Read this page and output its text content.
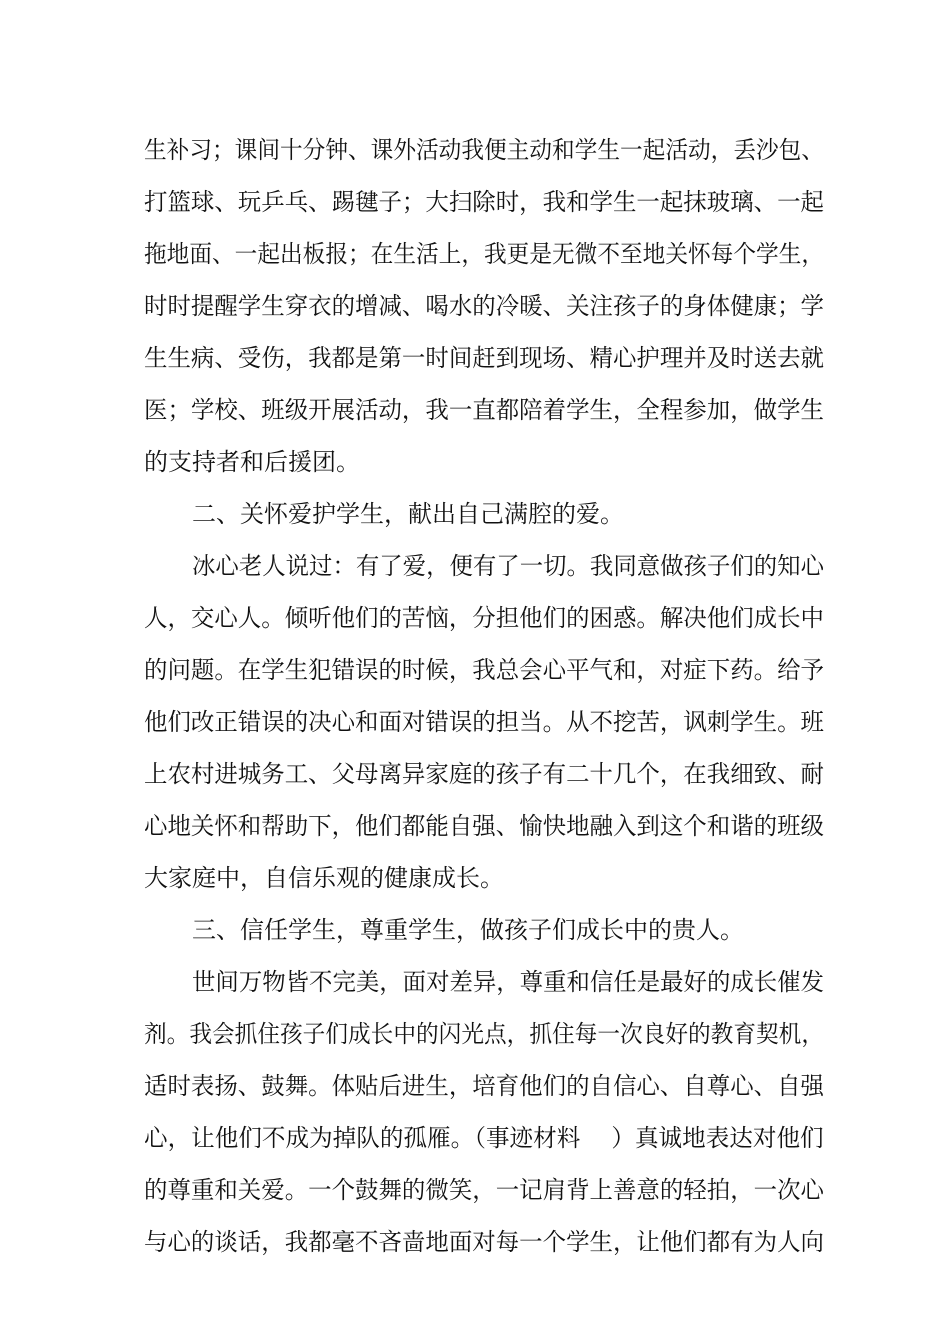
生补习；课间十分钟、课外活动我便主动和学生一起活动，丢沙包、
打篮球、玩乒乓、踢毽子；大扫除时，我和学生一起抹玻璃、一起
拖地面、一起出板报；在生活上，我更是无微不至地关怀每个学生，
时时提醒学生穿衣的增减、喝水的冷暖、关注孩子的身体健康；学
生生病、受伤，我都是第一时间赶到现场、精心护理并及时送去就
医；学校、班级开展活动，我一直都陪着学生，全程参加，做学生
的支持者和后援团。
二、关怀爱护学生，献出自己满腔的爱。
冰心老人说过：有了爱，便有了一切。我同意做孩子们的知心
人，交心人。倾听他们的苦恼，分担他们的困惑。解决他们成长中
的问题。在学生犯错误的时候，我总会心平气和，对症下药。给予
他们改正错误的决心和面对错误的担当。从不挖苦，讽刺学生。班
上农村进城务工、父母离异家庭的孩子有二十几个，在我细致、耐
心地关怀和帮助下，他们都能自强、愉快地融入到这个和谐的班级
大家庭中，自信乐观的健康成长。
三、信任学生，尊重学生，做孩子们成长中的贵人。
世间万物皆不完美，面对差异，尊重和信任是最好的成长催发
剂。我会抓住孩子们成长中的闪光点，抓住每一次良好的教育契机，
适时表扬、鼓舞。体贴后进生，培育他们的自信心、自尊心、自强
心，让他们不成为掉队的孤雁。（事迹材料　 ）真诚地表达对他们
的尊重和关爱。一个鼓舞的微笑，一记肩背上善意的轻拍，一次心
与心的谈话，我都毫不吝啬地面对每一个学生，让他们都有为人向
